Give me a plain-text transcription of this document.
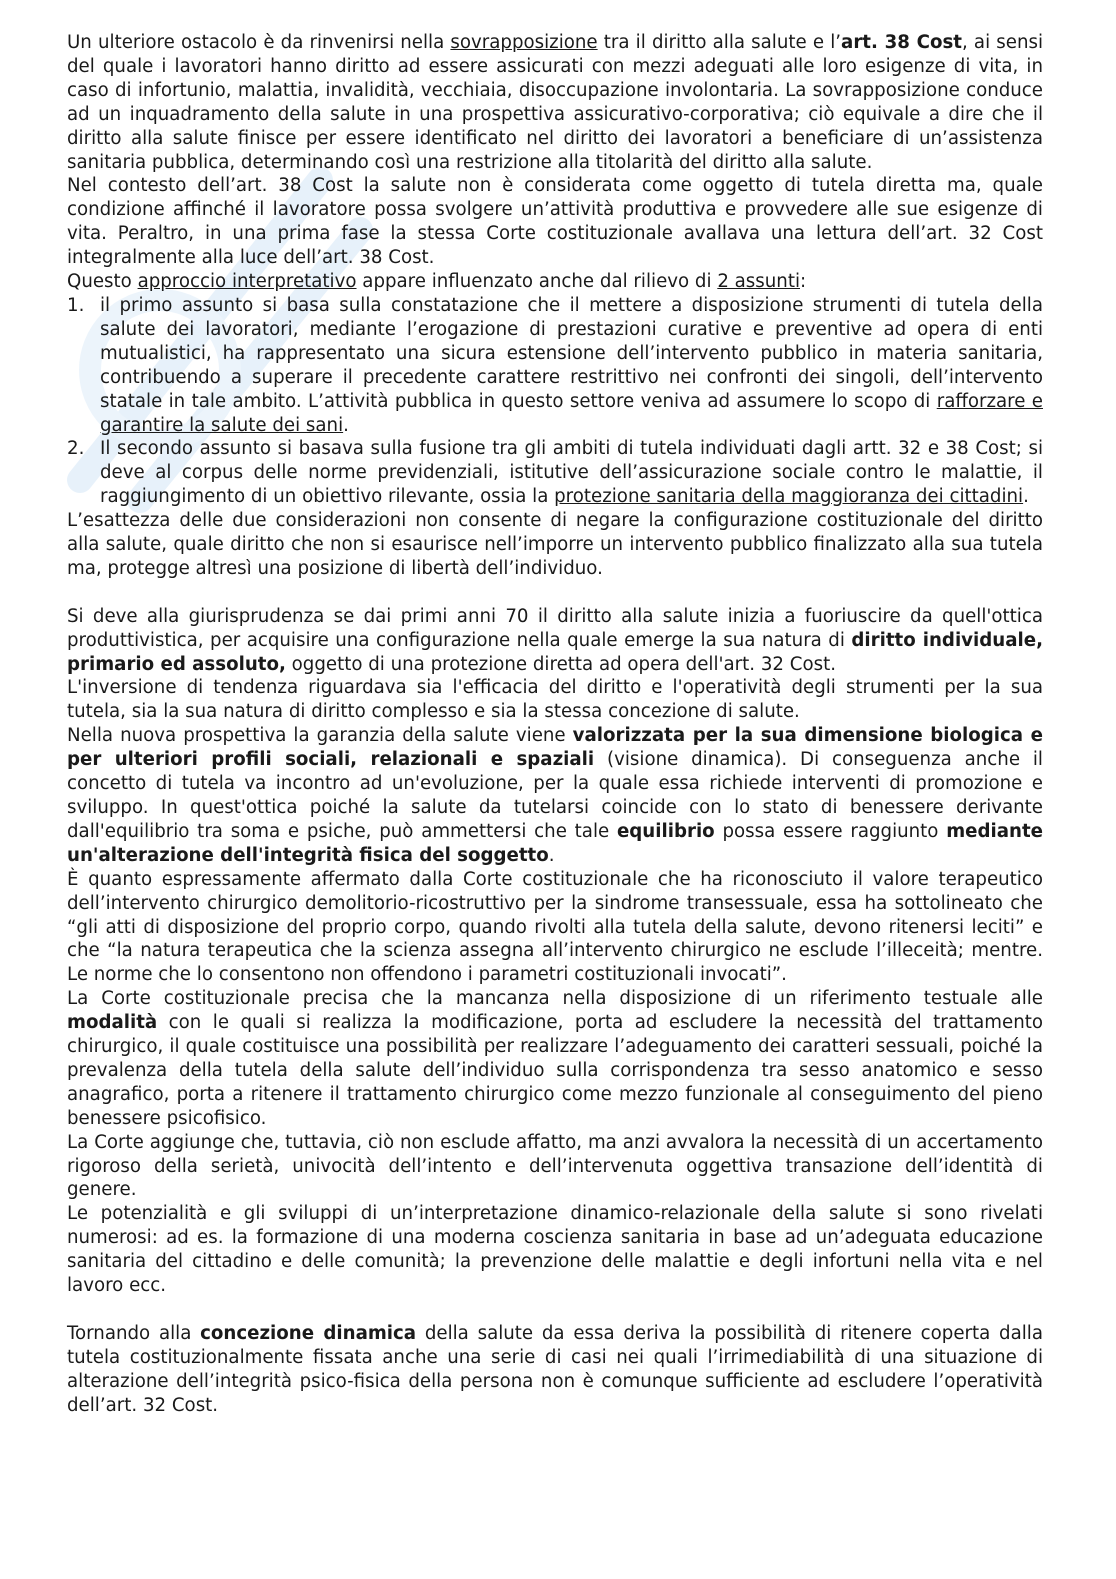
Un ulteriore ostacolo è da rinvenirsi nella sovrapposizione tra il diritto alla salute e l’art. 38 Cost, ai sensi del quale i lavoratori hanno diritto ad essere assicurati con mezzi adeguati alle loro esigenze di vita, in caso di infortunio, malattia, invalidità, vecchiaia, disoccupazione involontaria. La sovrapposizione conduce ad un inquadramento della salute in una prospettiva assicurativo-corporativa; ciò equivale a dire che il diritto alla salute finisce per essere identificato nel diritto dei lavoratori a beneficiare di un’assistenza sanitaria pubblica, determinando così una restrizione alla titolarità del diritto alla salute.

Nel contesto dell’art. 38 Cost la salute non è considerata come oggetto di tutela diretta ma, quale condizione affinché il lavoratore possa svolgere un’attività produttiva e provvedere alle sue esigenze di vita. Peraltro, in una prima fase la stessa Corte costituzionale avallava una lettura dell’art. 32 Cost integralmente alla luce dell’art. 38 Cost.

Questo approccio interpretativo appare influenzato anche dal rilievo di 2 assunti:

1. il primo assunto si basa sulla constatazione che il mettere a disposizione strumenti di tutela della salute dei lavoratori, mediante l’erogazione di prestazioni curative e preventive ad opera di enti mutualistici, ha rappresentato una sicura estensione dell’intervento pubblico in materia sanitaria, contribuendo a superare il precedente carattere restrittivo nei confronti dei singoli, dell’intervento statale in tale ambito. L’attività pubblica in questo settore veniva ad assumere lo scopo di rafforzare e garantire la salute dei sani.
2. Il secondo assunto si basava sulla fusione tra gli ambiti di tutela individuati dagli artt. 32 e 38 Cost; si deve al corpus delle norme previdenziali, istitutive dell’assicurazione sociale contro le malattie, il raggiungimento di un obiettivo rilevante, ossia la protezione sanitaria della maggioranza dei cittadini.

L’esattezza delle due considerazioni non consente di negare la configurazione costituzionale del diritto alla salute, quale diritto che non si esaurisce nell’imporre un intervento pubblico finalizzato alla sua tutela ma, protegge altresì una posizione di libertà dell’individuo.

Si deve alla giurisprudenza se dai primi anni 70 il diritto alla salute inizia a fuoriuscire da quell'ottica produttivistica, per acquisire una configurazione nella quale emerge la sua natura di diritto individuale, primario ed assoluto, oggetto di una protezione diretta ad opera dell'art. 32 Cost.

L'inversione di tendenza riguardava sia l'efficacia del diritto e l'operatività degli strumenti per la sua tutela, sia la sua natura di diritto complesso e sia la stessa concezione di salute.

Nella nuova prospettiva la garanzia della salute viene valorizzata per la sua dimensione biologica e per ulteriori profili sociali, relazionali e spaziali (visione dinamica). Di conseguenza anche il concetto di tutela va incontro ad un'evoluzione, per la quale essa richiede interventi di promozione e sviluppo. In quest'ottica poiché la salute da tutelarsi coincide con lo stato di benessere derivante dall'equilibrio tra soma e psiche, può ammettersi che tale equilibrio possa essere raggiunto mediante un'alterazione dell'integrità fisica del soggetto.

È quanto espressamente affermato dalla Corte costituzionale che ha riconosciuto il valore terapeutico dell’intervento chirurgico demolitorio-ricostruttivo per la sindrome transessuale, essa ha sottolineato che “gli atti di disposizione del proprio corpo, quando rivolti alla tutela della salute, devono ritenersi leciti” e che “la natura terapeutica che la scienza assegna all’intervento chirurgico ne esclude l’illeceità; mentre. Le norme che lo consentono non offendono i parametri costituzionali invocati”.

La Corte costituzionale precisa che la mancanza nella disposizione di un riferimento testuale alle modalità con le quali si realizza la modificazione, porta ad escludere la necessità del trattamento chirurgico, il quale costituisce una possibilità per realizzare l’adeguamento dei caratteri sessuali, poiché la prevalenza della tutela della salute dell’individuo sulla corrispondenza tra sesso anatomico e sesso anagrafico, porta a ritenere il trattamento chirurgico come mezzo funzionale al conseguimento del pieno benessere psicofisico.

La Corte aggiunge che, tuttavia, ciò non esclude affatto, ma anzi avvalora la necessità di un accertamento rigoroso della serietà, univocità dell’intento e dell’intervenuta oggettiva transazione dell’identità di genere.

Le potenzialità e gli sviluppi di un’interpretazione dinamico-relazionale della salute si sono rivelati numerosi: ad es. la formazione di una moderna coscienza sanitaria in base ad un’adeguata educazione sanitaria del cittadino e delle comunità; la prevenzione delle malattie e degli infortuni nella vita e nel lavoro ecc.

Tornando alla concezione dinamica della salute da essa deriva la possibilità di ritenere coperta dalla tutela costituzionalmente fissata anche una serie di casi nei quali l’irrimediabilità di una situazione di alterazione dell’integrità psico-fisica della persona non è comunque sufficiente ad escludere l’operatività dell’art. 32 Cost.
